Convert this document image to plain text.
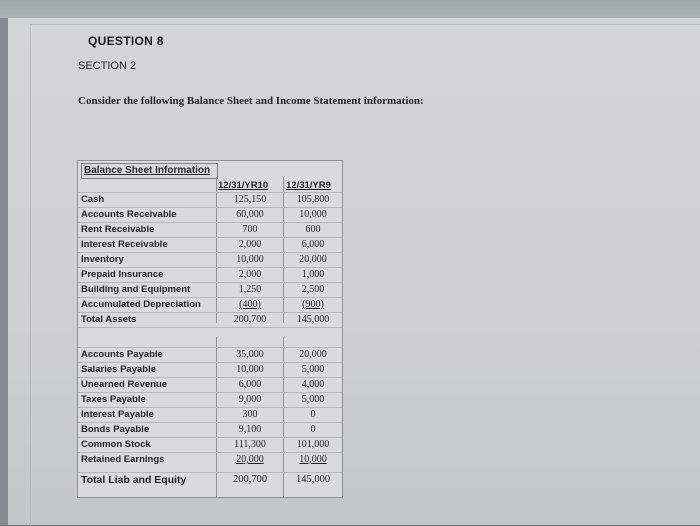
QUESTION 8
SECTION 2
Consider the following Balance Sheet and Income Statement information:
Balance Sheet Information
12/31/YR10 12/31/YR9
Cash	125,150	105,800
Accounts Receivable	60,000	10,000
Rent Receivable	700	600
Interest Receivable	2,000	6,000
Inventory	10,000	20,000
Prepaid Insurance	2,000	1,000
Building and Equipment	1,250	2,500
Accumulated Depreciation	(400)	(900)
Total Assets	200,700	145,000
Accounts Payable	35,000	20,000
Salaries Payable	10,000	5,000
Unearned Revenue	6,000	4,000
Taxes Payable	9,000	5,000
Interest Payable	300	0
Bonds Payable	9,100	0
Common Stock	111,300	101,000
Retained Earnings	20,000	10,000
Total Liab and Equity	200,700	145,000
